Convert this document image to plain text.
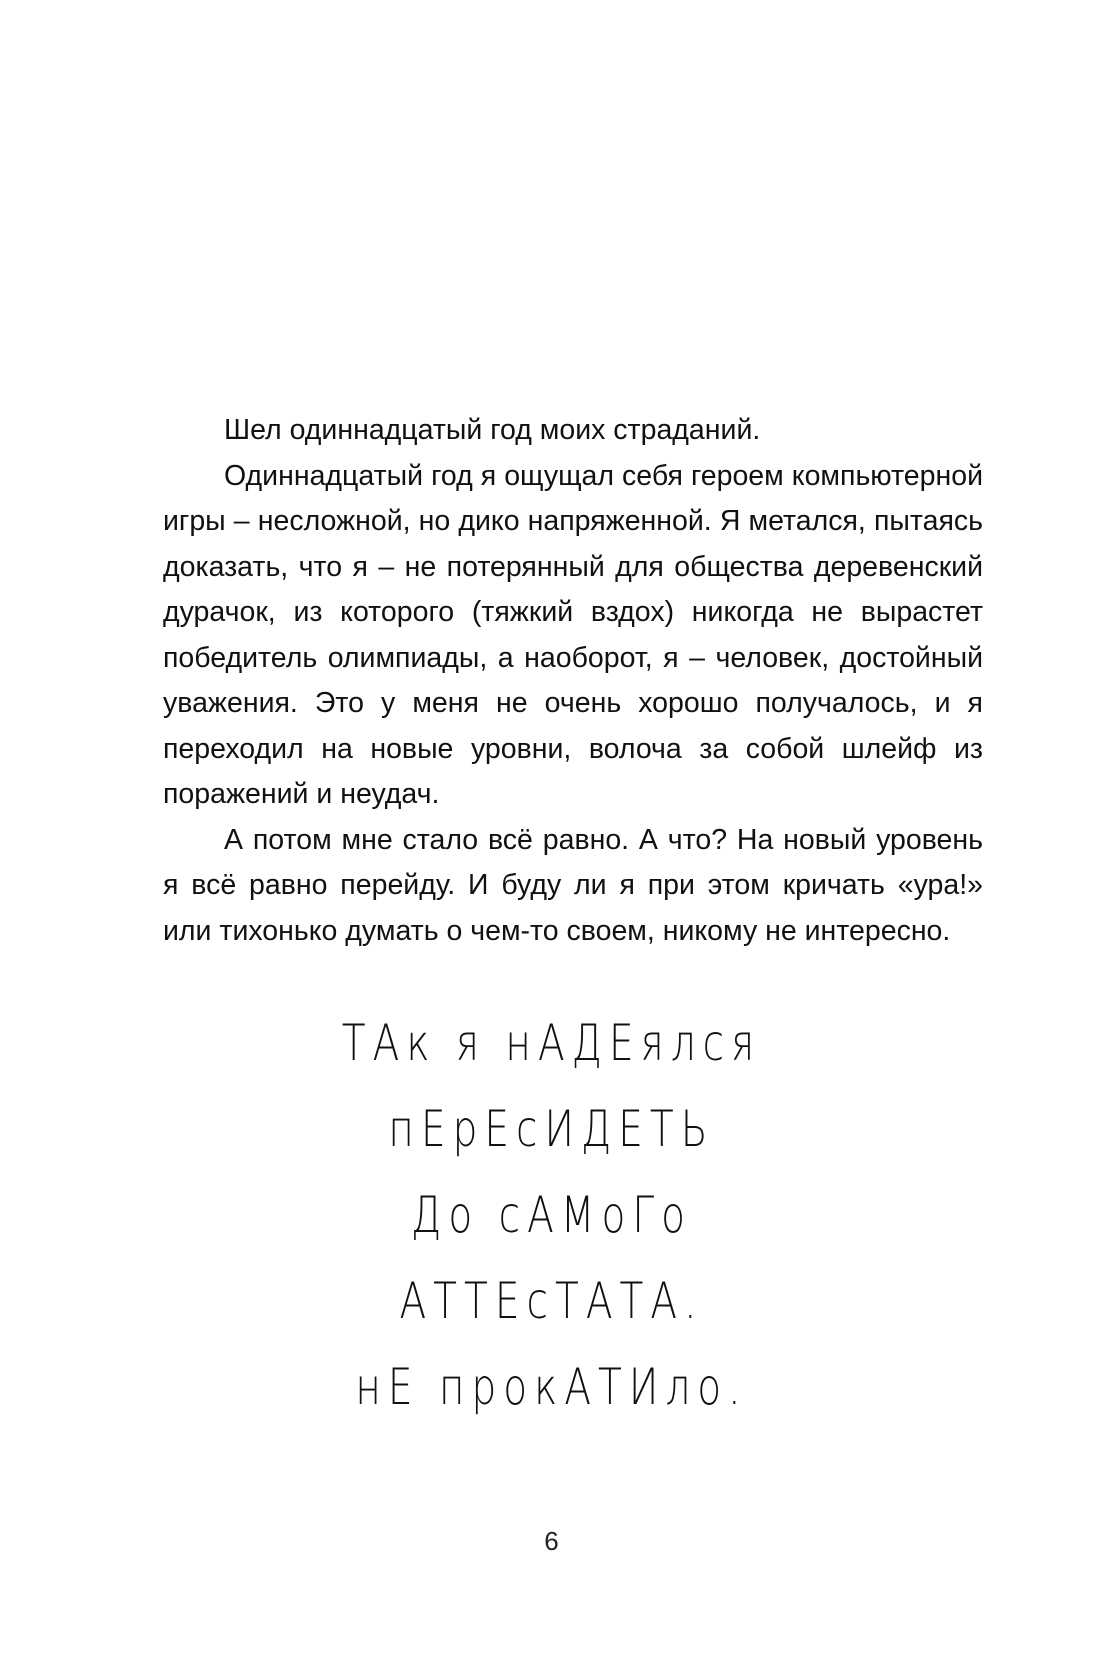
Шел одиннадцатый год моих страданий.

Одиннадцатый год я ощущал себя героем компьютерной игры – несложной, но дико напряженной. Я метался, пытаясь доказать, что я – не потерянный для общества деревенский дурачок, из которого (тяжкий вздох) никогда не вырастет победитель олимпиады, а наоборот, я – человек, достойный уважения. Это у меня не очень хорошо получалось, и я переходил на новые уровни, волоча за собой шлейф из поражений и неудач.

А потом мне стало всё равно. А что? На новый уровень я всё равно перейду. И буду ли я при этом кричать «ура!» или тихонько думать о чем-то своем, никому не интересно.

ТАк я нАДЕялся
пЕрЕсИДЕТЬ
До сАМоГо
АТТЕсТАТА.
нЕ прокАТИло.
6
